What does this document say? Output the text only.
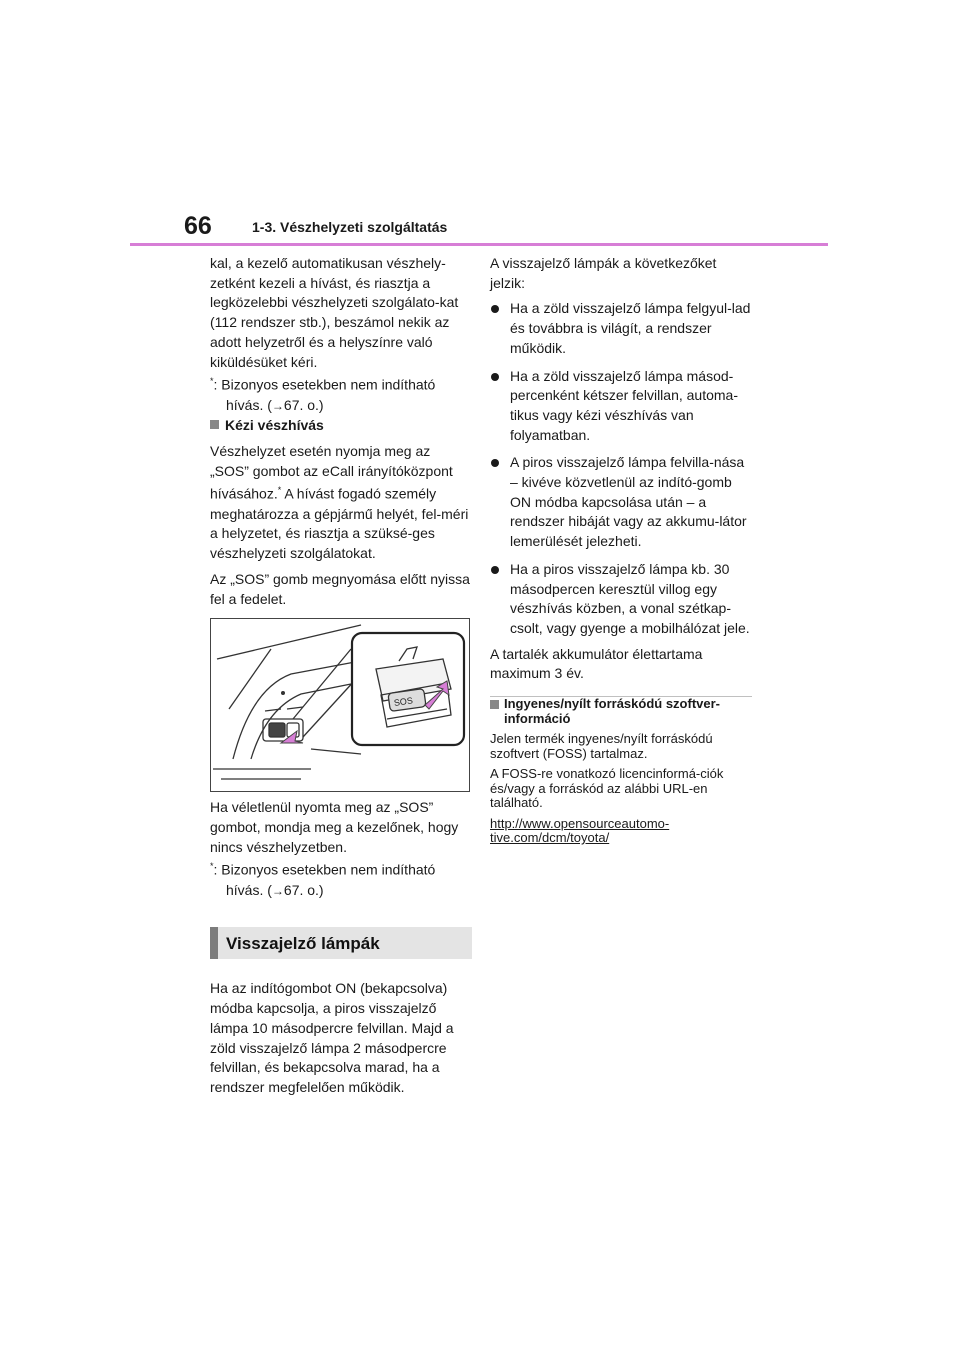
66	1-3. Vészhelyzeti szolgáltatás

kal, a kezelő automatikusan vészhely-zetként kezeli a hívást, és riasztja a legközelebbi vészhelyzeti szolgálato-kat (112 rendszer stb.), beszámol nekik az adott helyzetről és a helyszínre való kiküldésüket kéri.

*: Bizonyos esetekben nem indítható hívás. (→67. o.)

Kézi vészhívás

Vészhelyzet esetén nyomja meg az „SOS” gombot az eCall irányítóközpont hívásához.* A hívást fogadó személy meghatározza a gépjármű helyét, fel-méri a helyzetet, és riasztja a szüksé-ges vészhelyzeti szolgálatokat.

Az „SOS” gomb megnyomása előtt nyissa fel a fedelet.

SOS

Ha véletlenül nyomta meg az „SOS” gombot, mondja meg a kezelőnek, hogy nincs vészhelyzetben.

*: Bizonyos esetekben nem indítható hívás. (→67. o.)

Visszajelző lámpák

Ha az indítógombot ON (bekapcsolva) módba kapcsolja, a piros visszajelző lámpa 10 másodpercre felvillan. Majd a zöld visszajelző lámpa 2 másodpercre felvillan, és bekapcsolva marad, ha a rendszer megfelelően működik.

A visszajelző lámpák a következőket jelzik:

Ha a zöld visszajelző lámpa felgyul-lad és továbbra is világít, a rendszer működik.
Ha a zöld visszajelző lámpa másod-percenként kétszer felvillan, automa-tikus vagy kézi vészhívás van folyamatban.
A piros visszajelző lámpa felvilla-nása – kivéve közvetlenül az indító-gomb ON módba kapcsolása után – a rendszer hibáját vagy az akkumu-látor lemerülését jelezheti.
Ha a piros visszajelző lámpa kb. 30 másodpercen keresztül villog egy vészhívás közben, a vonal szétkap-csolt, vagy gyenge a mobilhálózat jele.

A tartalék akkumulátor élettartama maximum 3 év.

Ingyenes/nyílt forráskódú szoftver-információ

Jelen termék ingyenes/nyílt forráskódú szoftvert (FOSS) tartalmaz.

A FOSS-re vonatkozó licencinformá-ciók és/vagy a forráskód az alábbi URL-en található.

http://www.opensourceautomo-tive.com/dcm/toyota/
